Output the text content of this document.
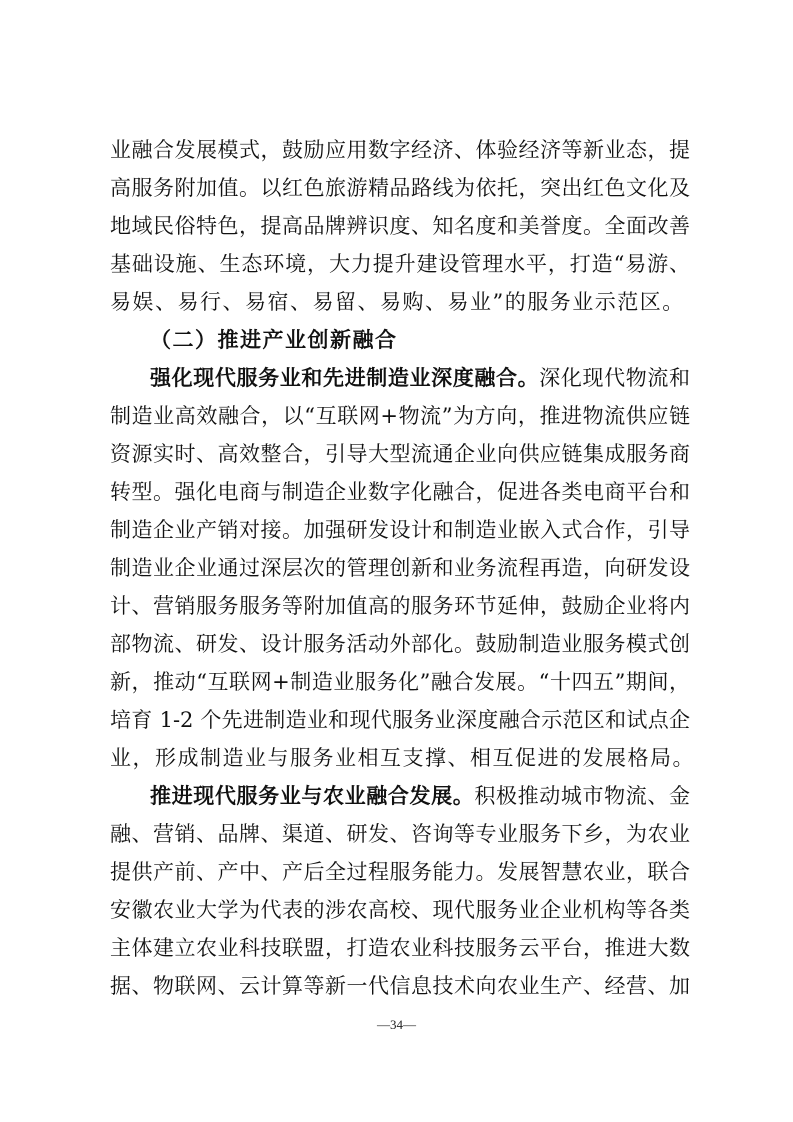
业融合发展模式，鼓励应用数字经济、体验经济等新业态，提
高服务附加值。以红色旅游精品路线为依托，突出红色文化及
地域民俗特色，提高品牌辨识度、知名度和美誉度。全面改善
基础设施、生态环境，大力提升建设管理水平，打造“易游、
易娱、易行、易宿、易留、易购、易业”的服务业示范区。
（二）推进产业创新融合
强化现代服务业和先进制造业深度融合。深化现代物流和
制造业高效融合，以“互联网+物流”为方向，推进物流供应链
资源实时、高效整合，引导大型流通企业向供应链集成服务商
转型。强化电商与制造企业数字化融合，促进各类电商平台和
制造企业产销对接。加强研发设计和制造业嵌入式合作，引导
制造业企业通过深层次的管理创新和业务流程再造，向研发设
计、营销服务服务等附加值高的服务环节延伸，鼓励企业将内
部物流、研发、设计服务活动外部化。鼓励制造业服务模式创
新，推动“互联网+制造业服务化”融合发展。“十四五”期间，
培育 1-2 个先进制造业和现代服务业深度融合示范区和试点企
业，形成制造业与服务业相互支撑、相互促进的发展格局。
推进现代服务业与农业融合发展。积极推动城市物流、金
融、营销、品牌、渠道、研发、咨询等专业服务下乡，为农业
提供产前、产中、产后全过程服务能力。发展智慧农业，联合
安徽农业大学为代表的涉农高校、现代服务业企业机构等各类
主体建立农业科技联盟，打造农业科技服务云平台，推进大数
据、物联网、云计算等新一代信息技术向农业生产、经营、加
—34—
